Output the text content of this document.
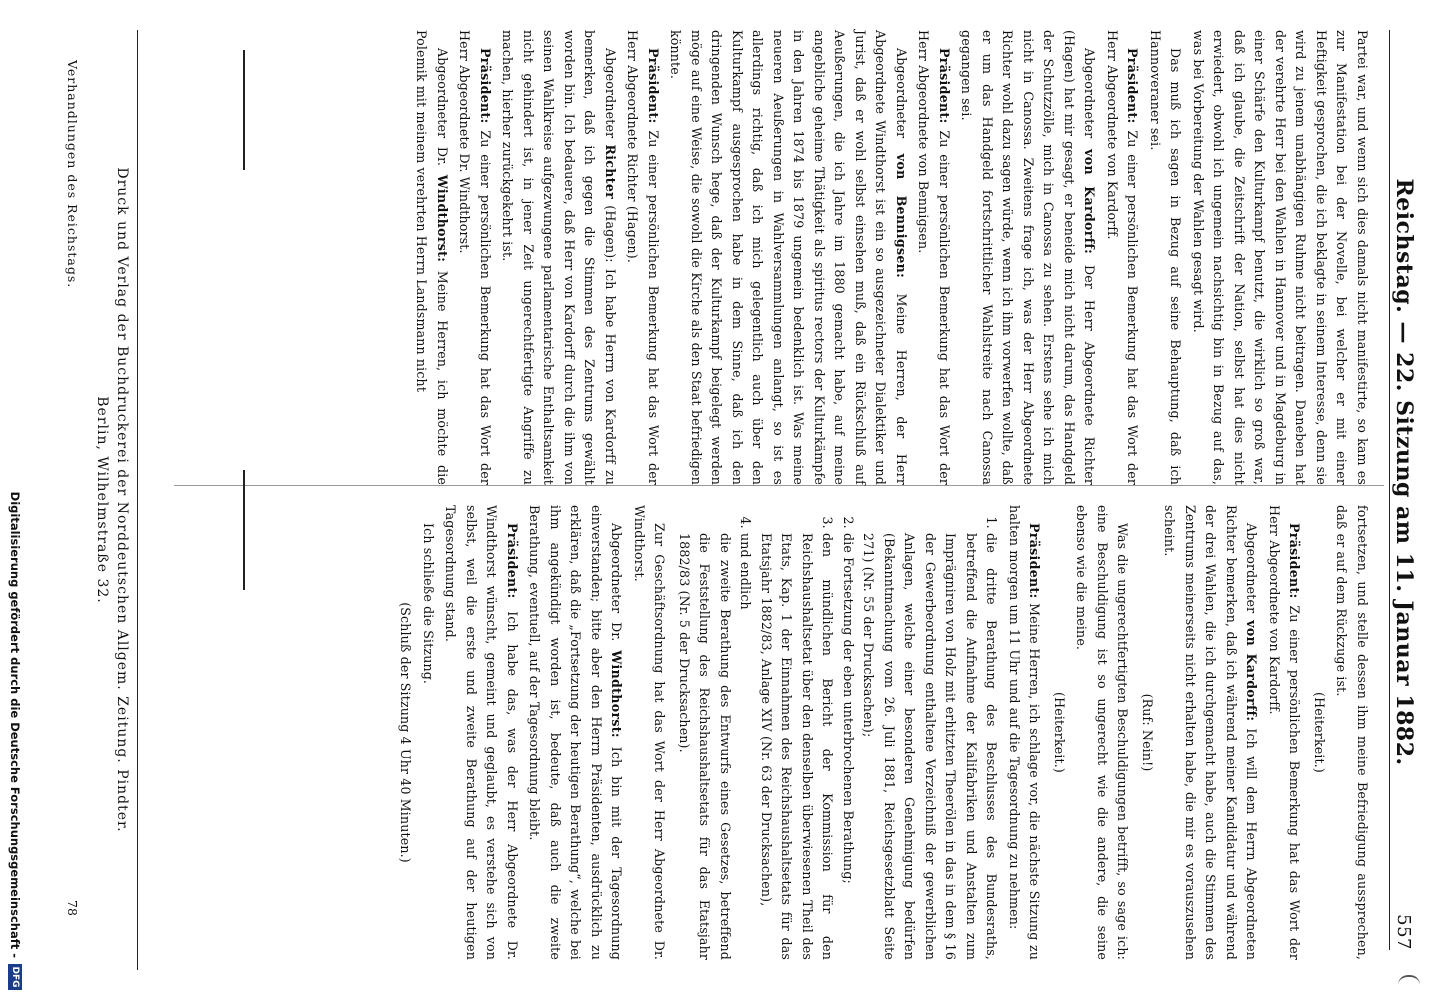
Reichstag. — 22. Sitzung am 11. Januar 1882.
557

Partei war, und wenn sich dies damals nicht manifestirte, so kam es zur Manifestation bei der Novelle, bei welcher er mit einer Heftigkeit gesprochen, die ich beklagte in seinem Interesse, denn sie wird zu jenem unabhängigen Ruhme nicht beitragen. Daneben hat der verehrte Herr bei den Wahlen in Hannover und in Magdeburg in einer Schärfe den Kulturkampf benutzt, die wirklich so groß war, daß ich glaube, die Zeitschrift der Nation, selbst hat dies nicht erwiedert, obwohl ich ungemein nachsichtig bin in Bezug auf das, was bei Vorbereitung der Wahlen gesagt wird.

Das muß ich sagen in Bezug auf seine Behauptung, daß ich Hannoveraner sei.

Präsident: Zu einer persönlichen Bemerkung hat das Wort der Herr Abgeordnete von Kardorff.

Abgeordneter von Kardorff: Der Herr Abgeordnete Richter (Hagen) hat mir gesagt, er beneide mich nicht darum, das Handgeld der Schutzzölle, mich in Canossa zu sehen. Erstens sehe ich mich nicht in Canossa. Zweitens frage ich, was der Herr Abgeordnete Richter wohl dazu sagen würde, wenn ich ihm vorwerfen wollte, daß er um das Handgeld fortschrittlicher Wahlstreite nach Canossa gegangen sei.

Präsident: Zu einer persönlichen Bemerkung hat das Wort der Herr Abgeordnete von Bennigsen.

Abgeordneter von Bennigsen: Meine Herren, der Herr Abgeordnete Windthorst ist ein so ausgezeichneter Dialektiker und Jurist, daß er wohl selbst einsehen muß, daß ein Rückschluß auf Aeußerungen, die ich Jahre im 1880 gemacht habe, auf meine angebliche geheime Thätigkeit als spiritus rectors der Kulturkämpfe in den Jahren 1874 bis 1879 ungemein bedenklich ist. Was meine neueren Aeußerungen in Wahlversammlungen anlangt, so ist es allerdings richtig, daß ich mich gelegentlich auch über den Kulturkampf ausgesprochen habe in dem Sinne, daß ich den dringenden Wunsch hege, daß der Kulturkampf beigelegt werden möge auf eine Weise, die sowohl die Kirche als den Staat befriedigen könnte.

Präsident: Zu einer persönlichen Bemerkung hat das Wort der Herr Abgeordnete Richter (Hagen).

Abgeordneter Richter (Hagen): Ich habe Herrn von Kardorff zu bemerken, daß ich gegen die Stimmen des Zentrums gewählt worden bin. Ich bedauere, daß Herr von Kardorff durch die ihm von seinen Wahlkreise aufgezwungene parlamentarische Enthaltsamkeit nicht gehindert ist, in jener Zeit ungerechtfertigte Angriffe zu machen, hierher zurückgekehrt ist.

Präsident: Zu einer persönlichen Bemerkung hat das Wort der Herr Abgeordnete Dr. Windthorst.

Abgeordneter Dr. Windthorst: Meine Herren, ich möchte die Polemik mit meinem verehrten Herrn Landsmann nicht

fortsetzen, und stelle dessen ihm meine Befriedigung aussprechen, daß er auf dem Rückzuge ist.

(Heiterkeit.)

Präsident: Zu einer persönlichen Bemerkung hat das Wort der Herr Abgeordnete von Kardorff.

Abgeordneter von Kardorff: Ich will dem Herrn Abgeordneten Richter bemerken, daß ich während meiner Kandidatur und während der drei Wahlen, die ich durchgemacht habe, auch die Stimmen des Zentrums meinerseits nicht erhalten habe, die mir es vorauszusehen scheint.

(Ruf: Nein!)

Was die ungerechtfertigten Beschuldigungen betrifft, so sage ich: eine Beschuldigung ist so ungerecht wie die andere, die seine ebenso wie die meine.

(Heiterkeit.)

Präsident: Meine Herren, ich schlage vor, die nächste Sitzung zu halten morgen um 11 Uhr und auf die Tagesordnung zu nehmen:

1. die dritte Berathung des Beschlusses des Bundesraths, betreffend die Aufnahme der Kalifabriken und Anstalten zum Imprägniren von Holz mit erhitzten Theerölen in das in dem § 16 der Gewerbeordnung enthaltene Verzeichniß der gewerblichen Anlagen, welche einer besonderen Genehmigung bedürfen (Bekanntmachung vom 26. Juli 1881, Reichsgesetzblatt Seite 271) (Nr. 55 der Drucksachen);
2. die Fortsetzung der eben unterbrochenen Berathung;
3. den mündlichen Bericht der Kommission für den Reichshaushaltsetat über den denselben überwiesenen Theil des Etats, Kap. 1 der Einnahmen des Reichshaushaltsetats für das Etatsjahr 1882/83, Anlage XIV (Nr. 63 der Drucksachen),
4. und endlich
die zweite Berathung des Entwurfs eines Gesetzes, betreffend die Feststellung des Reichshaushaltsetats für das Etatsjahr 1882/83 (Nr. 5 der Drucksachen).

Zur Geschäftsordnung hat das Wort der Herr Abgeordnete Dr. Windthorst.

Abgeordneter Dr. Windthorst: Ich bin mit der Tagesordnung einverstanden; bitte aber den Herrn Präsidenten, ausdrücklich zu erklären, daß die „Fortsetzung der heutigen Berathung“, welche bei ihm angekündigt worden ist, bedeute, daß auch die zweite Berathung, eventuell, auf der Tagesordnung bleibt.

Präsident: Ich habe das, was der Herr Abgeordnete Dr. Windthorst wünscht, gemeint und geglaubt, es verstehe sich von selbst, weil die erste und zweite Berathung auf der heutigen Tagesordnung stand.

Ich schließe die Sitzung.

(Schluß der Sitzung 4 Uhr 40 Minuten.)

Druck und Verlag der Buchdruckerei der Norddeutschen Allgem. Zeitung. Pindter.
Berlin, Wilhelmstraße 32.
Verhandlungen des Reichstags.
78
Digitalisierung gefördert durch die Deutsche Forschungsgemeinschaft -
DFG
